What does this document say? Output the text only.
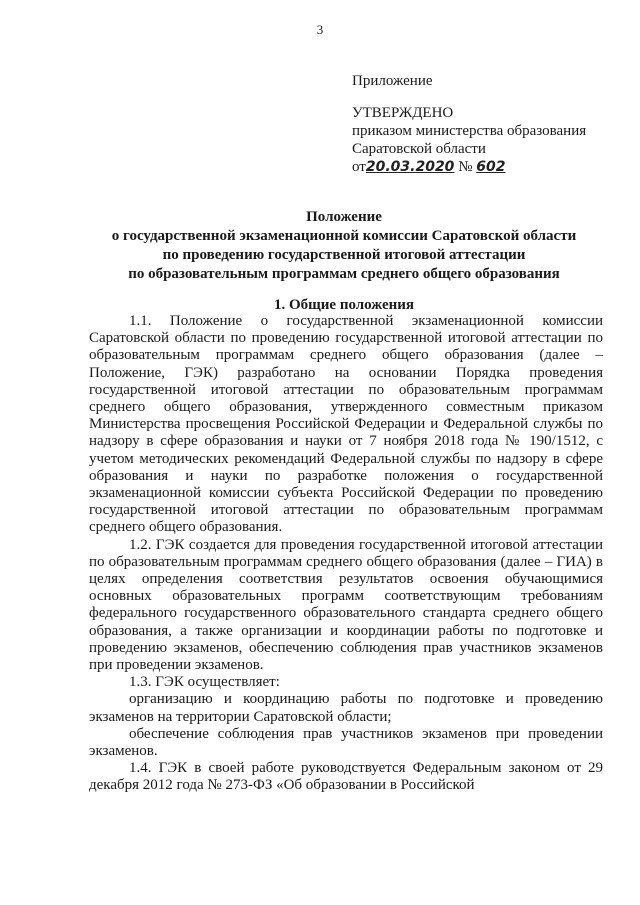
3
Приложение
УТВЕРЖДЕНО
приказом министерства образования
Саратовской области
от20.03.2020 № 602
Положение
о государственной экзаменационной комиссии Саратовской области
по проведению государственной итоговой аттестации
по образовательным программам среднего общего образования
1. Общие положения

1.1. Положение о государственной экзаменационной комиссии Саратовской области по проведению государственной итоговой аттестации по образовательным программам среднего общего образования (далее – Положение, ГЭК) разработано на основании Порядка проведения государственной итоговой аттестации по образовательным программам среднего общего образования, утвержденного совместным приказом Министерства просвещения Российской Федерации и Федеральной службы по надзору в сфере образования и науки от 7 ноября 2018 года № 190/1512, с учетом методических рекомендаций Федеральной службы по надзору в сфере образования и науки по разработке положения о государственной экзаменационной комиссии субъекта Российской Федерации по проведению государственной итоговой аттестации по образовательным программам среднего общего образования.

1.2. ГЭК создается для проведения государственной итоговой аттестации по образовательным программам среднего общего образования (далее – ГИА) в целях определения соответствия результатов освоения обучающимися основных образовательных программ соответствующим требованиям федерального государственного образовательного стандарта среднего общего образования, а также организации и координации работы по подготовке и проведению экзаменов, обеспечению соблюдения прав участников экзаменов при проведении экзаменов.

1.3. ГЭК осуществляет:

организацию и координацию работы по подготовке и проведению экзаменов на территории Саратовской области;

обеспечение соблюдения прав участников экзаменов при проведении экзаменов.

1.4. ГЭК в своей работе руководствуется Федеральным законом от 29 декабря 2012 года № 273-ФЗ «Об образовании в Российской
